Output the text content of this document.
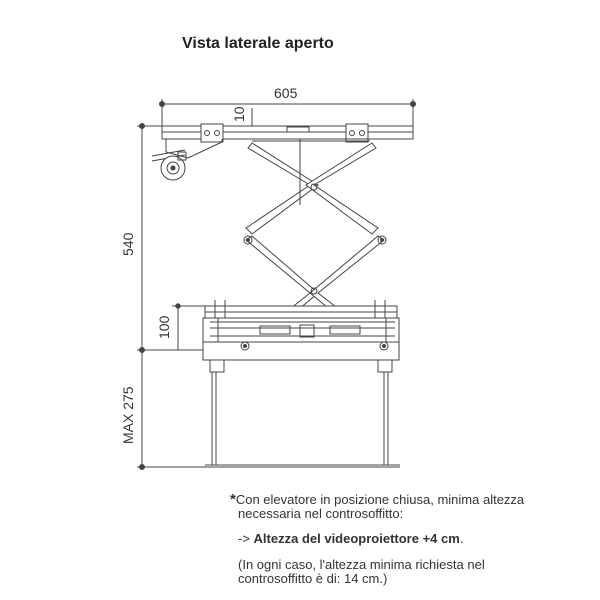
Vista laterale aperto
605
10
540
100
MAX 275
*Con elevatore in posizione chiusa, minima altezza
necessaria nel controsoffitto:
-> Altezza del videoproiettore +4 cm.
(In ogni caso, l'altezza minima richiesta nel
controsoffitto è di: 14 cm.)
